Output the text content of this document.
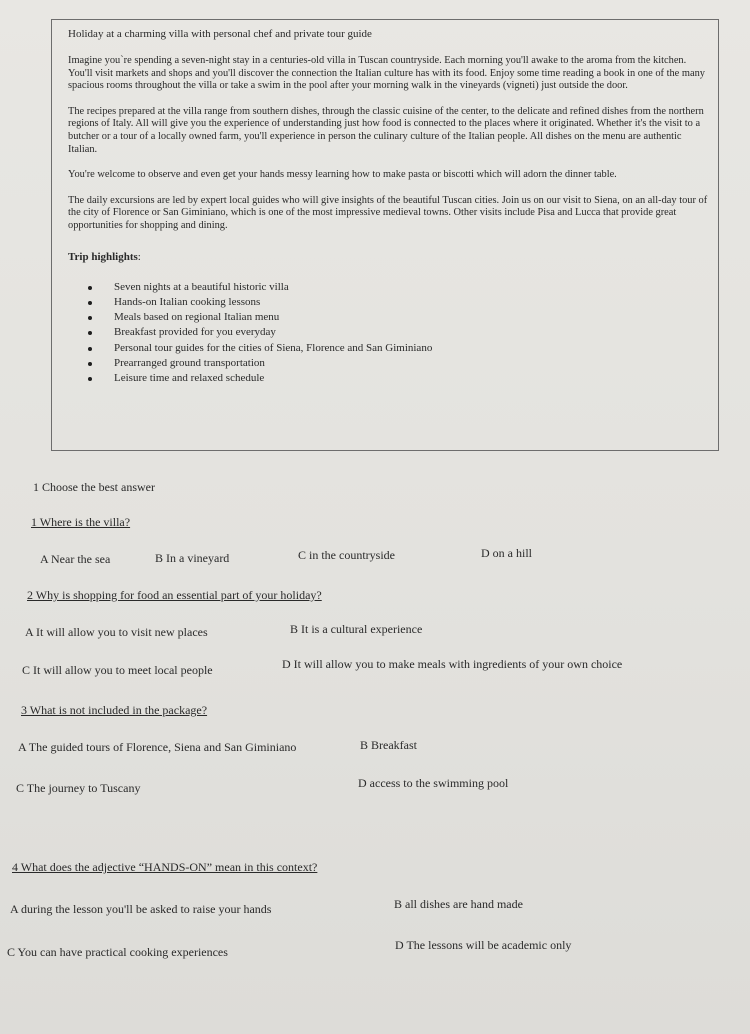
Holiday at a charming villa with personal chef and private tour guide

Imagine you`re spending a seven-night stay in a centuries-old villa in Tuscan countryside. Each morning you'll awake to the aroma from the kitchen. You'll visit markets and shops and you'll discover the connection the Italian culture has with its food. Enjoy some time reading a book in one of the many spacious rooms throughout the villa or take a swim in the pool after your morning walk in the vineyards (vigneti) just outside the door.

The recipes prepared at the villa range from southern dishes, through the classic cuisine of the center, to the delicate and refined dishes from the northern regions of Italy. All will give you the experience of understanding just how food is connected to the places where it originated. Whether it's the visit to a butcher or a tour of a locally owned farm, you'll experience in person the culinary culture of the Italian people. All dishes on the menu are authentic Italian.

You're welcome to observe and even get your hands messy learning how to make pasta or biscotti which will adorn the dinner table.

The daily excursions are led by expert local guides who will give insights of the beautiful Tuscan cities. Join us on our visit to Siena, on an all-day tour of the city of Florence or San Giminiano, which is one of the most impressive medieval towns. Other visits include Pisa and Lucca that provide great opportunities for shopping and dining.

Trip highlights:
Seven nights at a beautiful historic villa
Hands-on Italian cooking lessons
Meals based on regional Italian menu
Breakfast provided for you everyday
Personal tour guides for the cities of Siena, Florence and San Giminiano
Prearranged ground transportation
Leisure time and relaxed schedule
1 Choose the best answer
1 Where is the villa?
A Near the sea	B In a vineyard	C in the countryside	D on a hill
2 Why is shopping for food an essential part of your holiday?
A It will allow you to visit new places	B It is a cultural experience
C It will allow you to meet local people	D It will allow you to make meals with ingredients of your own choice
3 What is not included in the package?
A The guided tours of Florence, Siena and San Giminiano	B Breakfast
C The journey to Tuscany	D access to the swimming pool
4 What does the adjective “HANDS-ON” mean in this context?
A during the lesson you'll be asked to raise your hands	B all dishes are hand made
C You can have practical cooking experiences	D The lessons will be academic only
